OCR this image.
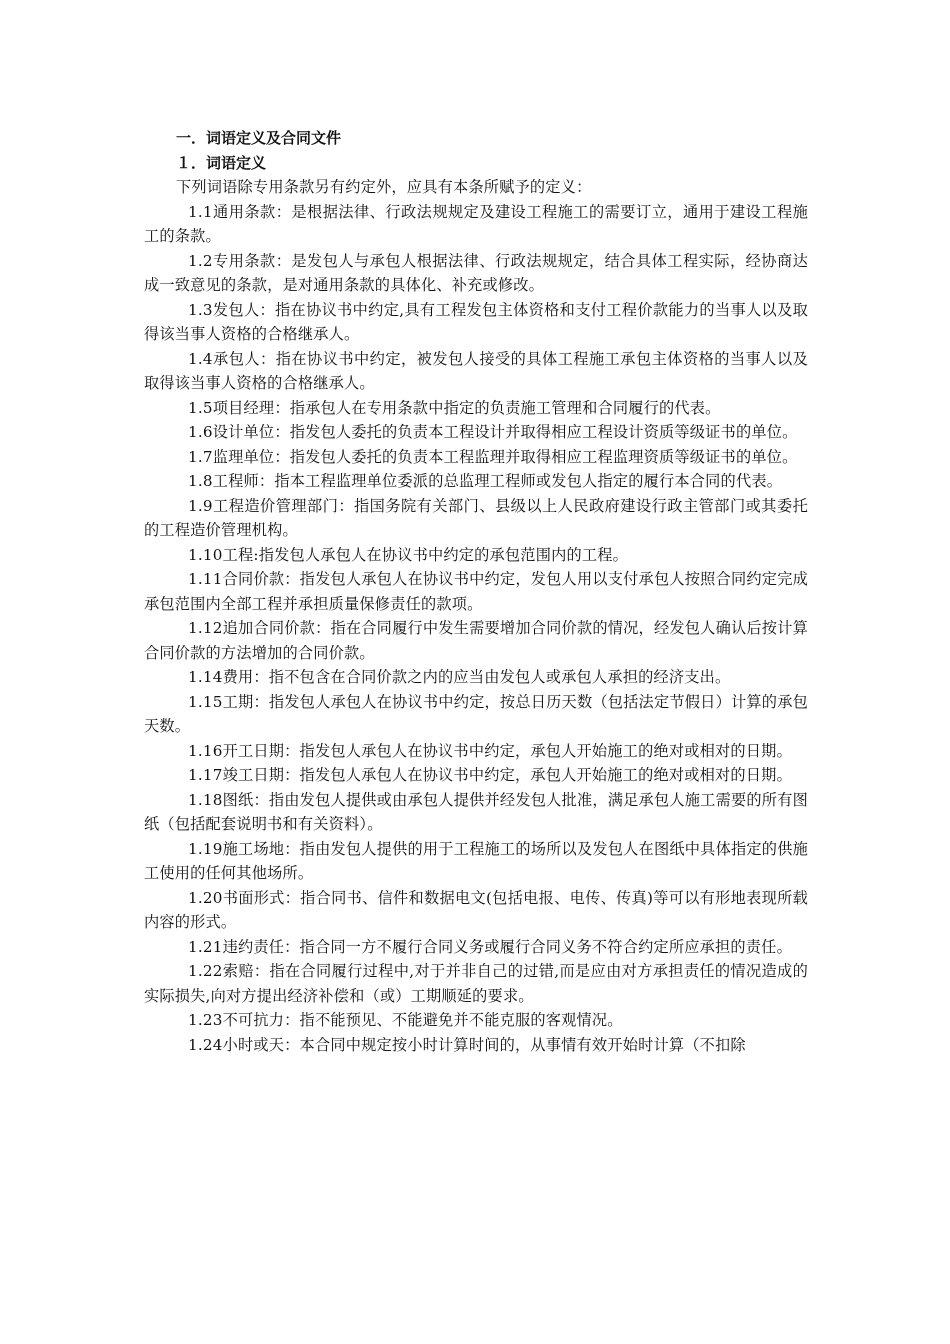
一．词语定义及合同文件

１．词语定义

下列词语除专用条款另有约定外，应具有本条所赋予的定义：

1.1通用条款：是根据法律、行政法规规定及建设工程施工的需要订立，通用于建设工程施工的条款。

1.2专用条款：是发包人与承包人根据法律、行政法规规定，结合具体工程实际，经协商达成一致意见的条款，是对通用条款的具体化、补充或修改。

1.3发包人：指在协议书中约定,具有工程发包主体资格和支付工程价款能力的当事人以及取得该当事人资格的合格继承人。

1.4承包人：指在协议书中约定，被发包人接受的具体工程施工承包主体资格的当事人以及取得该当事人资格的合格继承人。

1.5项目经理：指承包人在专用条款中指定的负责施工管理和合同履行的代表。

1.6设计单位：指发包人委托的负责本工程设计并取得相应工程设计资质等级证书的单位。

1.7监理单位：指发包人委托的负责本工程监理并取得相应工程监理资质等级证书的单位。

1.8工程师：指本工程监理单位委派的总监理工程师或发包人指定的履行本合同的代表。

1.9工程造价管理部门：指国务院有关部门、县级以上人民政府建设行政主管部门或其委托的工程造价管理机构。

1.10工程:指发包人承包人在协议书中约定的承包范围内的工程。

1.11合同价款：指发包人承包人在协议书中约定，发包人用以支付承包人按照合同约定完成承包范围内全部工程并承担质量保修责任的款项。

1.12追加合同价款：指在合同履行中发生需要增加合同价款的情况，经发包人确认后按计算合同价款的方法增加的合同价款。

1.14费用：指不包含在合同价款之内的应当由发包人或承包人承担的经济支出。

1.15工期：指发包人承包人在协议书中约定，按总日历天数（包括法定节假日）计算的承包天数。

1.16开工日期：指发包人承包人在协议书中约定，承包人开始施工的绝对或相对的日期。

1.17竣工日期：指发包人承包人在协议书中约定，承包人开始施工的绝对或相对的日期。

1.18图纸：指由发包人提供或由承包人提供并经发包人批准，满足承包人施工需要的所有图纸（包括配套说明书和有关资料）。

1.19施工场地：指由发包人提供的用于工程施工的场所以及发包人在图纸中具体指定的供施工使用的任何其他场所。

1.20书面形式：指合同书、信件和数据电文(包括电报、电传、传真)等可以有形地表现所载内容的形式。

1.21违约责任：指合同一方不履行合同义务或履行合同义务不符合约定所应承担的责任。

1.22索赔：指在合同履行过程中,对于并非自己的过错,而是应由对方承担责任的情况造成的实际损失,向对方提出经济补偿和（或）工期顺延的要求。

1.23不可抗力：指不能预见、不能避免并不能克服的客观情况。

1.24小时或天：本合同中规定按小时计算时间的，从事情有效开始时计算（不扣除
